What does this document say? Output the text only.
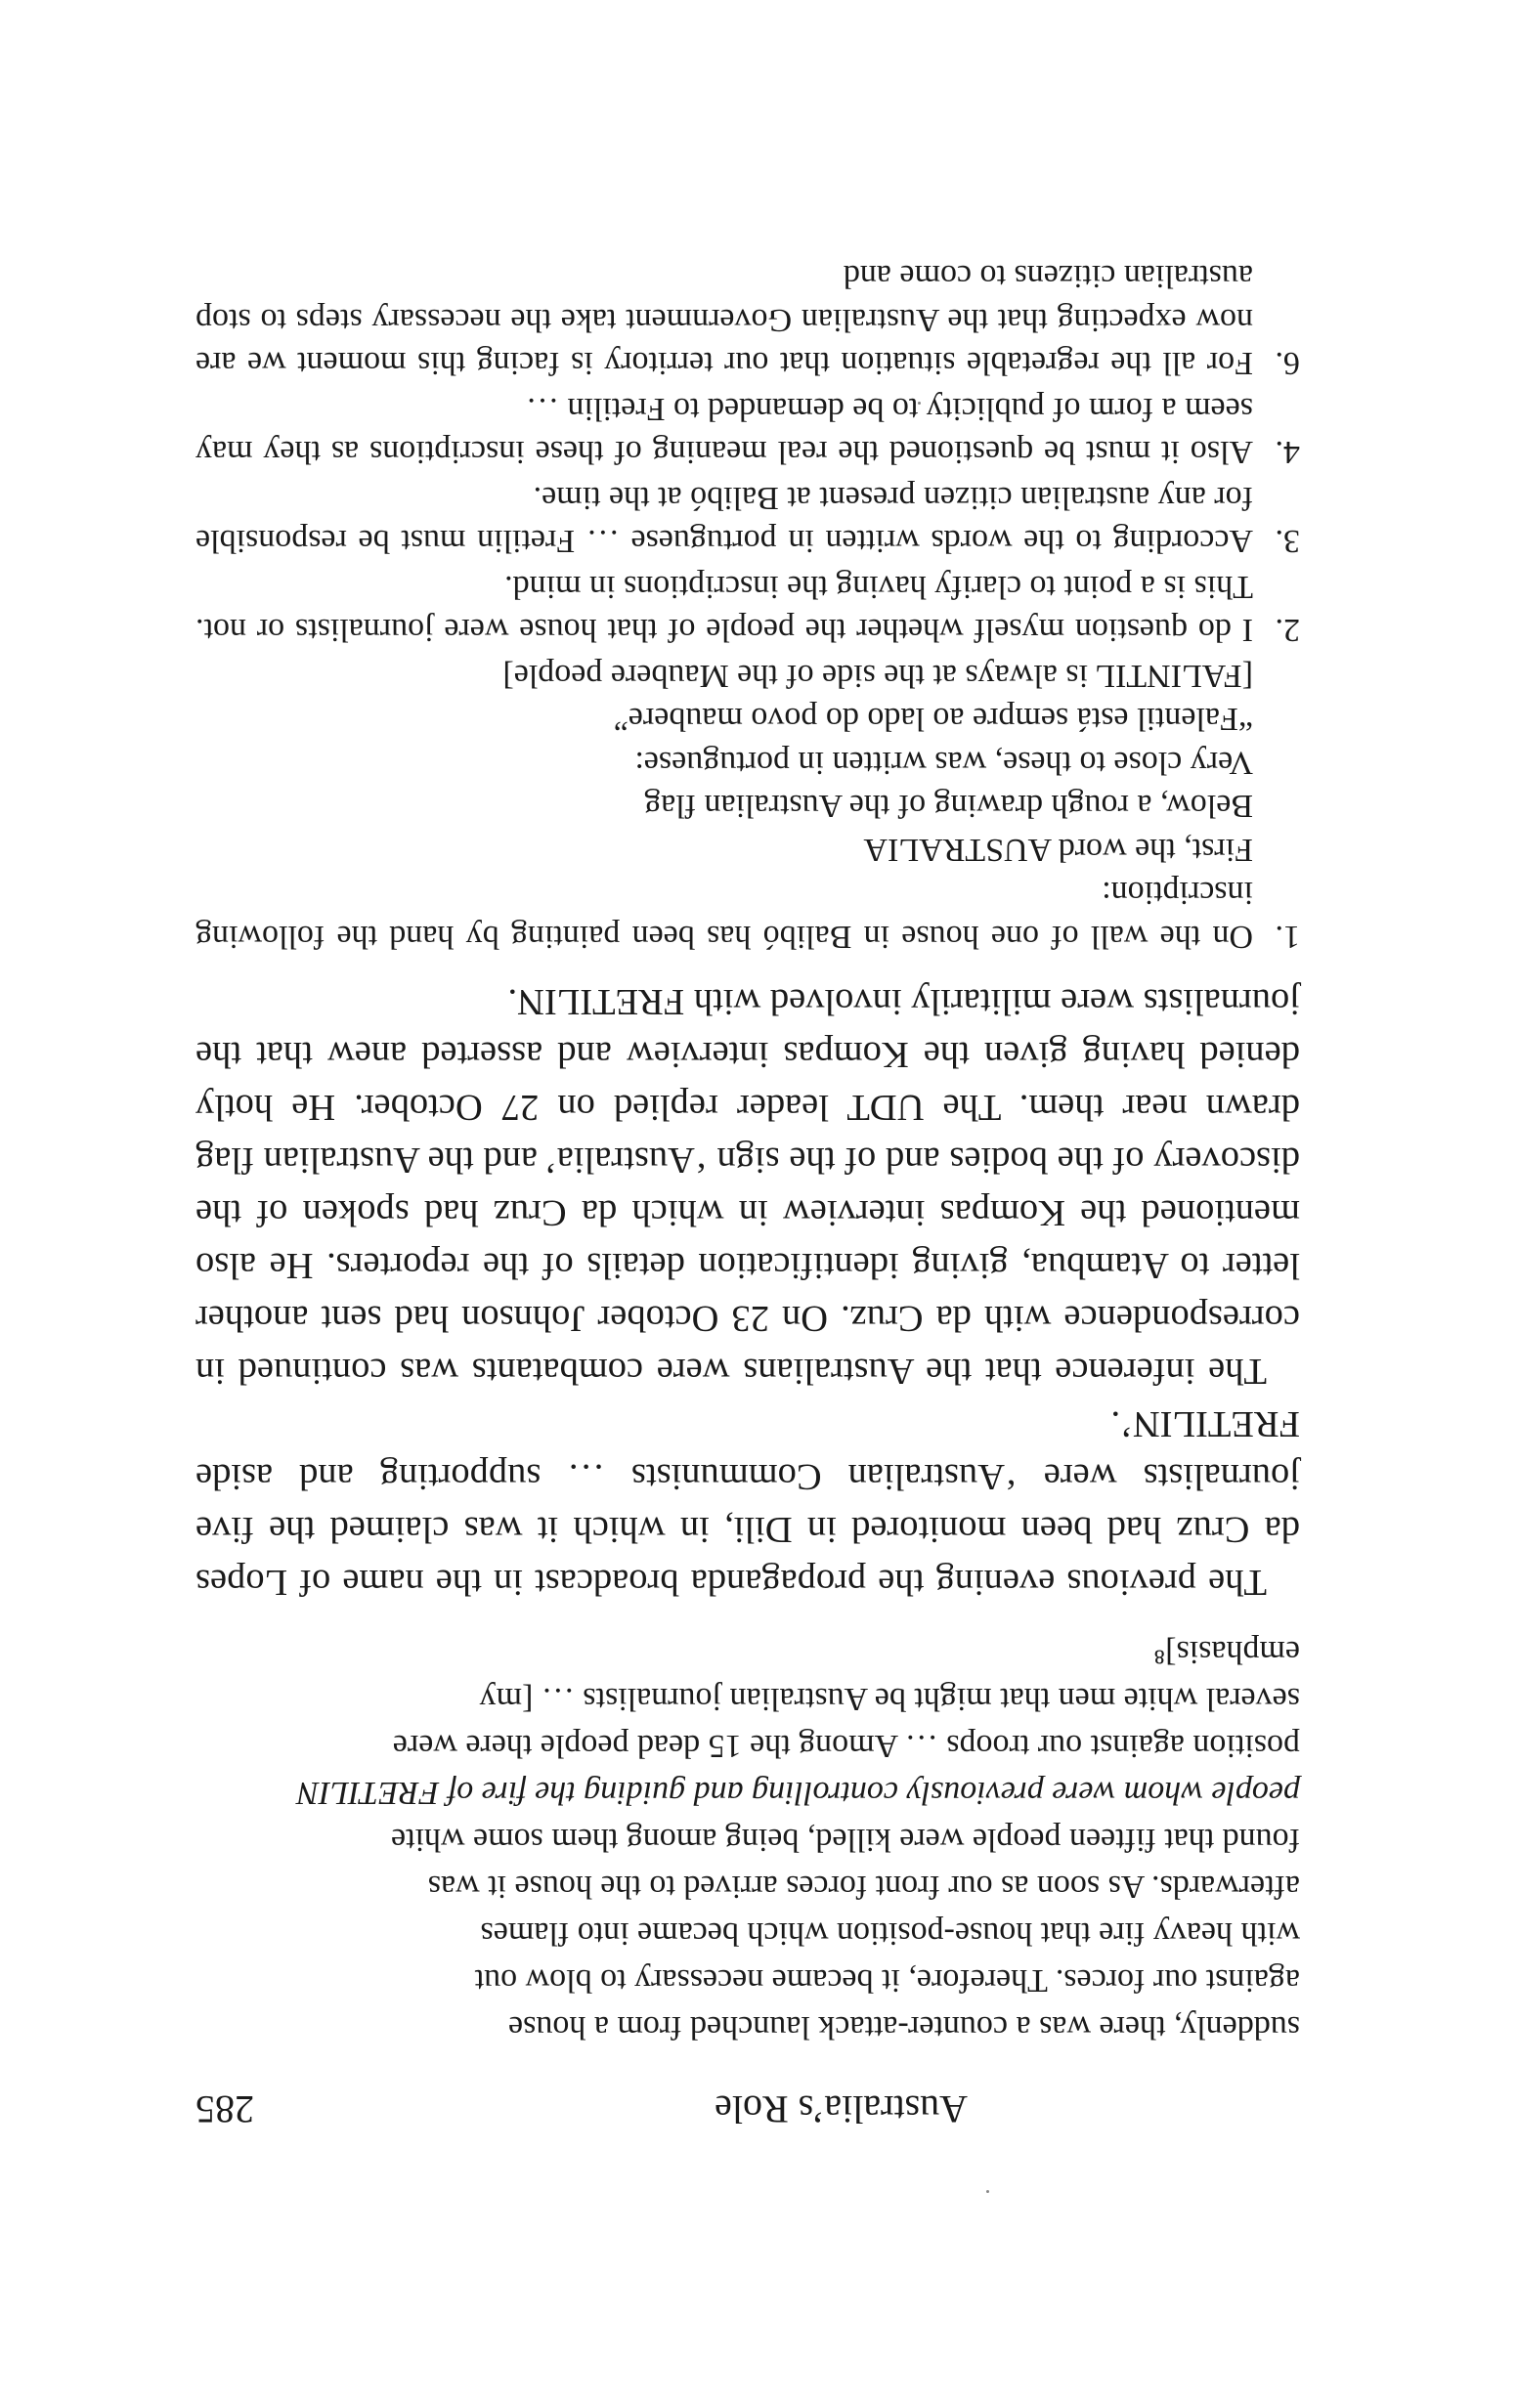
Australia’s Role
285

suddenly, there was a counter-attack launched from a house

against our forces. Therefore, it became necessary to blow out

with heavy fire that house-position which became into flames

afterwards. As soon as our front forces arrived to the house it was

found that fifteen people were killed, being among them some white

people whom were previously controlling and guiding the fire of FRETILIN

position against our troops … Among the 15 dead people there were

several white men that might be Australian journalists … [my

emphasis]⁸

The previous evening the propaganda broadcast in the name of Lopes da Cruz had been monitored in Dili, in which it was claimed the five journalists were ‘Australian Communists … supporting and aside FRETILIN’.

The inference that the Australians were combatants was continued in correspondence with da Cruz. On 23 October Johnson had sent another letter to Atambua, giving identification details of the reporters. He also mentioned the Kompas interview in which da Cruz had spoken of the discovery of the bodies and of the sign ‘Australia’ and the Australian flag drawn near them. The UDT leader replied on 27 October. He hotly denied having given the Kompas interview and asserted anew that the journalists were militarily involved with FRETILIN.

1.On the wall of one house in Balibó has been painting by hand the following inscription:
First, the word AUSTRALIA
Below, a rough drawing of the Australian flag
Very close to these, was written in portuguese:
“Falentil está sempre ao lado do povo maubere”
[FALINTIL is always at the side of the Maubere people]
2.I do question myself whether the people of that house were journalists or not. This is a point to clarify having the inscriptions in mind.
3.According to the words written in portuguese … Fretilin must be responsible for any australian citizen present at Balibó at the time.
4.Also it must be questioned the real meaning of these inscriptions as they may seem a form of publicity to be demanded to Fretilin …
6.For all the regretable situation that our territory is facing this moment we are now expecting that the Australian Government take the necessary steps to stop australian citizens to come and
